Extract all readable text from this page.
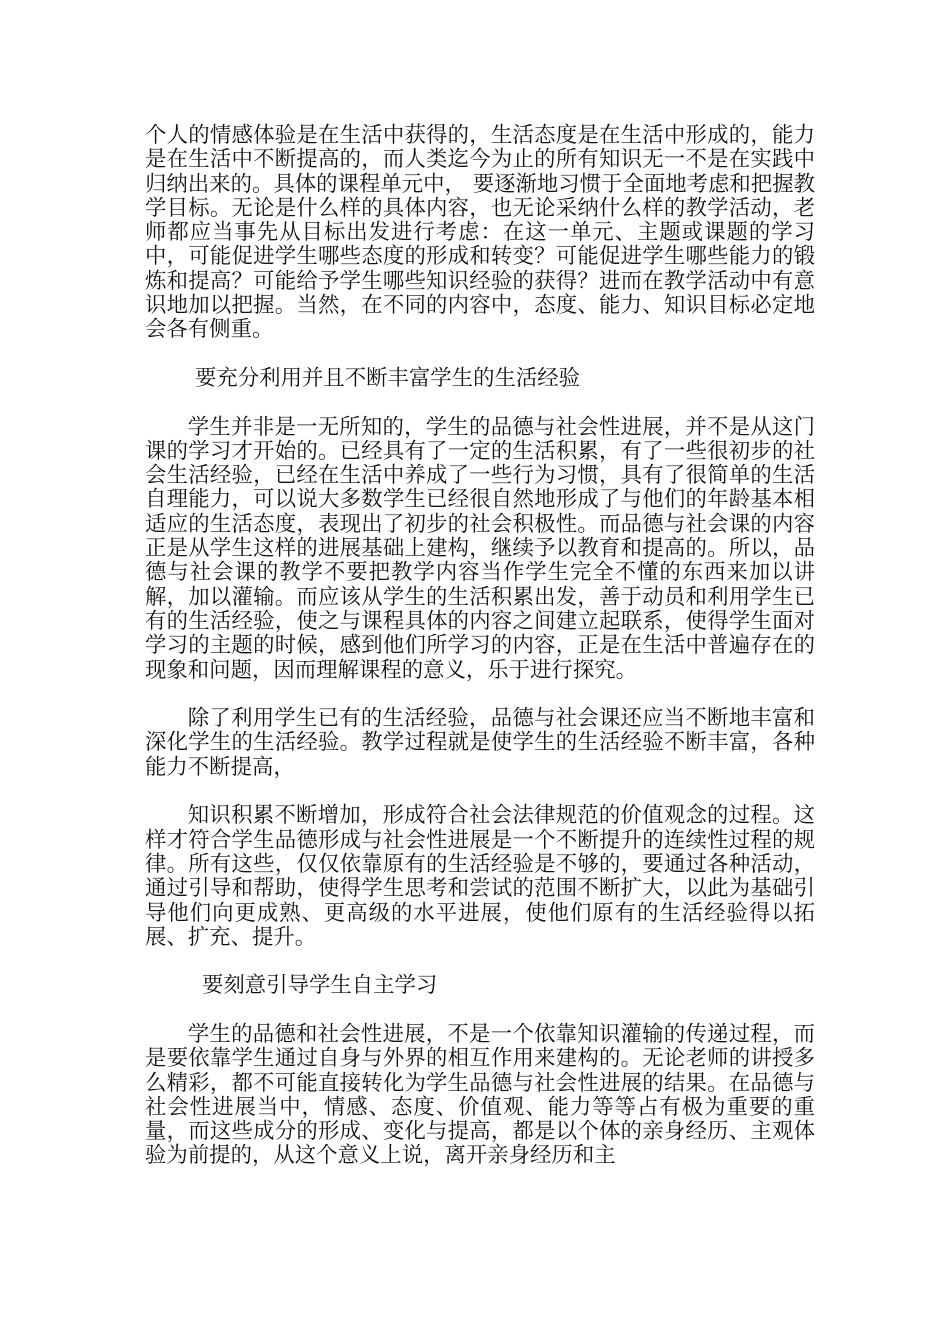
个人的情感体验是在生活中获得的，生活态度是在生活中形成的，能力是在生活中不断提高的，而人类迄今为止的所有知识无一不是在实践中归纳出来的。具体的课程单元中， 要逐渐地习惯于全面地考虑和把握教学目标。无论是什么样的具体内容，也无论采纳什么样的教学活动，老师都应当事先从目标出发进行考虑：在这一单元、主题或课题的学习中，可能促进学生哪些态度的形成和转变？可能促进学生哪些能力的锻炼和提高？可能给予学生哪些知识经验的获得？进而在教学活动中有意识地加以把握。当然，在不同的内容中，态度、能力、知识目标必定地会各有侧重。

要充分利用并且不断丰富学生的生活经验

学生并非是一无所知的，学生的品德与社会性进展，并不是从这门课的学习才开始的。已经具有了一定的生活积累，有了一些很初步的社会生活经验，已经在生活中养成了一些行为习惯，具有了很简单的生活自理能力，可以说大多数学生已经很自然地形成了与他们的年龄基本相适应的生活态度，表现出了初步的社会积极性。而品德与社会课的内容正是从学生这样的进展基础上建构，继续予以教育和提高的。所以，品德与社会课的教学不要把教学内容当作学生完全不懂的东西来加以讲解，加以灌输。而应该从学生的生活积累出发，善于动员和利用学生已有的生活经验，使之与课程具体的内容之间建立起联系，使得学生面对学习的主题的时候，感到他们所学习的内容，正是在生活中普遍存在的现象和问题，因而理解课程的意义，乐于进行探究。

除了利用学生已有的生活经验，品德与社会课还应当不断地丰富和深化学生的生活经验。教学过程就是使学生的生活经验不断丰富，各种能力不断提高，

知识积累不断增加，形成符合社会法律规范的价值观念的过程。这样才符合学生品德形成与社会性进展是一个不断提升的连续性过程的规律。所有这些，仅仅依靠原有的生活经验是不够的，要通过各种活动，通过引导和帮助，使得学生思考和尝试的范围不断扩大，以此为基础引导他们向更成熟、更高级的水平进展，使他们原有的生活经验得以拓展、扩充、提升。

要刻意引导学生自主学习

学生的品德和社会性进展，不是一个依靠知识灌输的传递过程，而是要依靠学生通过自身与外界的相互作用来建构的。无论老师的讲授多么精彩，都不可能直接转化为学生品德与社会性进展的结果。在品德与社会性进展当中，情感、态度、价值观、能力等等占有极为重要的重量，而这些成分的形成、变化与提高，都是以个体的亲身经历、主观体验为前提的，从这个意义上说，离开亲身经历和主
